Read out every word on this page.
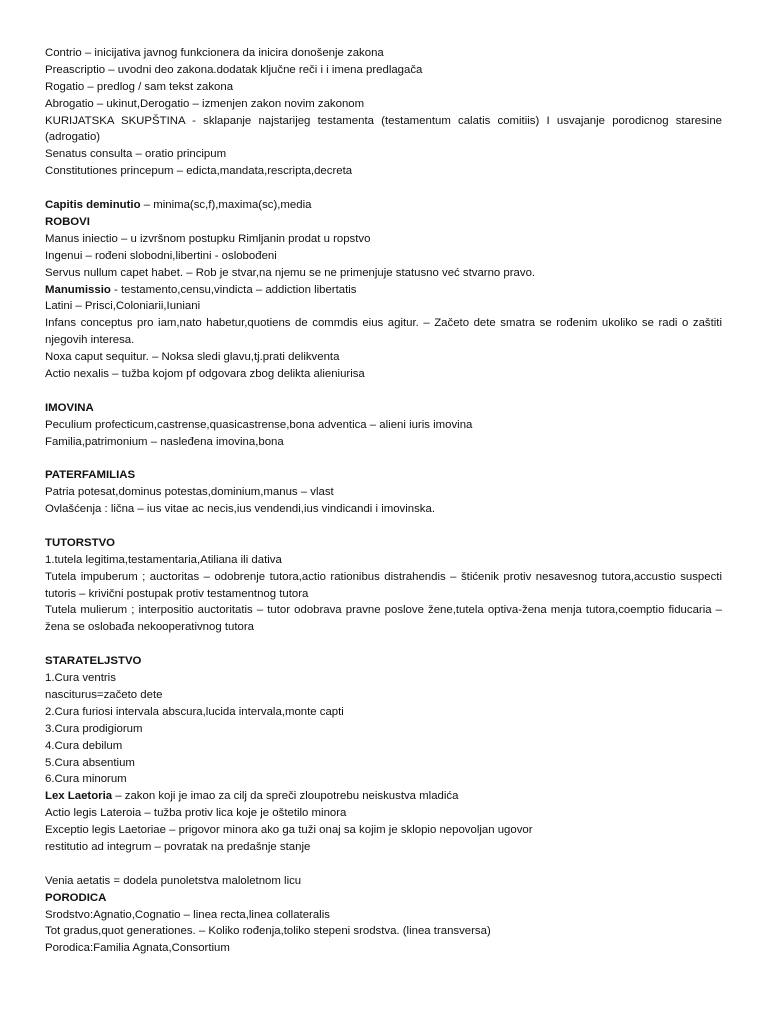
Contrio – inicijativa javnog funkcionera da inicira donošenje zakona
Preascriptio – uvodni deo zakona.dodatak ključne reči i i imena predlagača
Rogatio – predlog / sam tekst zakona
Abrogatio – ukinut,Derogatio – izmenjen zakon novim zakonom
KURIJATSKA SKUPŠTINA - sklapanje najstarijeg testamenta (testamentum calatis comitiis) I usvajanje porodicnog staresine (adrogatio)
Senatus consulta – oratio principum
Constitutiones princepum – edicta,mandata,rescripta,decreta
Capitis deminutio – minima(sc,f),maxima(sc),media
ROBOVI
Manus iniectio – u izvršnom postupku Rimljanin prodat u ropstvo
Ingenui – rođeni slobodni,libertini - oslobođeni
Servus nullum capet habet. – Rob je stvar,na njemu se ne primenjuje statusno već stvarno pravo.
Manumissio - testamento,censu,vindicta – addiction libertatis
Latini – Prisci,Coloniarii,Iuniani
Infans conceptus pro iam,nato habetur,quotiens de commdis eius agitur. – Začeto dete smatra se rođenim ukoliko se radi o zaštiti njegovih interesa.
Noxa caput sequitur. – Noksa sledi glavu,tj.prati delikventa
Actio nexalis – tužba kojom pf odgovara zbog delikta alieniurisa
IMOVINA
Peculium profecticum,castrense,quasicastrense,bona adventica – alieni iuris imovina
Familia,patrimonium – nasleđena imovina,bona
PATERFAMILIAS
Patria potesat,dominus potestas,dominium,manus – vlast
Ovlašćenja : lična – ius vitae ac necis,ius vendendi,ius vindicandi i imovinska.
TUTORSTVO
1.tutela legitima,testamentaria,Atiliana ili dativa
Tutela impuberum ; auctoritas – odobrenje tutora,actio rationibus distrahendis – štićenik protiv nesavesnog tutora,accustio suspecti tutoris – krivični postupak protiv testamentnog tutora
Tutela mulierum ; interpositio auctoritatis – tutor odobrava pravne poslove žene,tutela optiva-žena menja tutora,coemptio fiducaria – žena se oslobađa nekooperativnog tutora
STARATELJSTVO
1.Cura ventris
nasciturus=začeto dete
2.Cura furiosi intervala abscura,lucida intervala,monte capti
3.Cura prodigiorum
4.Cura debilum
5.Cura absentium
6.Cura minorum
Lex Laetoria – zakon koji je imao za cilj da spreči zloupotrebu neiskustva mladića
Actio legis Lateroia – tužba protiv lica koje je oštetilo minora
Exceptio legis Laetoriae – prigovor minora ako ga tuži onaj sa kojim je sklopio nepovoljan ugovor
restitutio ad integrum – povratak na predašnje stanje
Venia aetatis = dodela punoletstva maloletnom licu
PORODICA
Srodstvo:Agnatio,Cognatio – linea recta,linea collateralis
Tot gradus,quot generationes. – Koliko rođenja,toliko stepeni srodstva. (linea transversa)
Porodica:Familia Agnata,Consortium
